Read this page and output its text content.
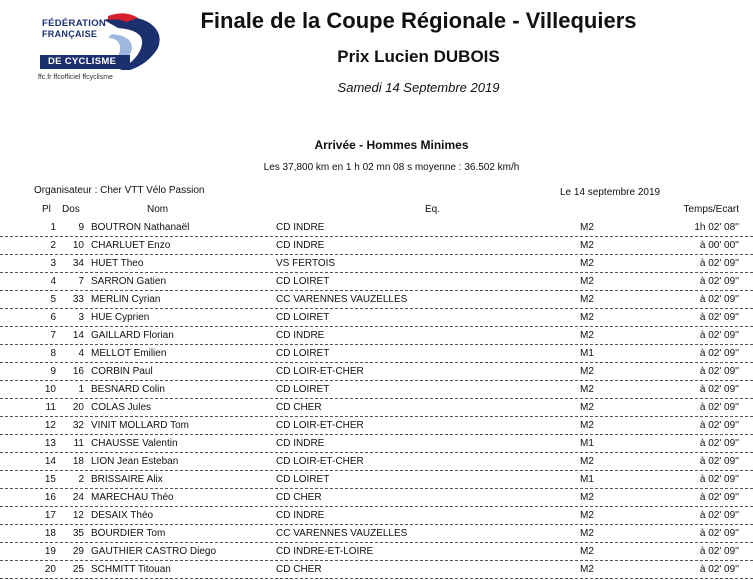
FÉDÉRATION
FRANÇAISE
DE CYCLISME
ffc.fr ffcofficiel ffcyclisme
Finale de la Coupe Régionale - Villequiers
Prix Lucien DUBOIS
Samedi 14 Septembre 2019
Arrivée - Hommes Minimes
Les 37,800 km en 1 h 02 mn 08 s moyenne : 36.502 km/h
Organisateur : Cher VTT Vélo Passion	Le 14 septembre 2019
Pl Dos	Nom	Eq.	Temps/Ecart
1	9 BOUTRON Nathanaël	CD INDRE	M2	1h 02' 08''
2	10 CHARLUET Enzo	CD INDRE	M2	à 00' 00''
3	34 HUET Theo	VS FERTOIS	M2	à 02' 09''
4	7 SARRON Gatien	CD LOIRET	M2	à 02' 09''
5	33 MERLIN Cyrian	CC VARENNES VAUZELLES	M2	à 02' 09''
6	3 HUE Cyprien	CD LOIRET	M2	à 02' 09''
7	14 GAILLARD Florian	CD INDRE	M2	à 02' 09''
8	4 MELLOT Emilien	CD LOIRET	M1	à 02' 09''
9	16 CORBIN Paul	CD LOIR-ET-CHER	M2	à 02' 09''
10	1 BESNARD Colin	CD LOIRET	M2	à 02' 09''
11	20 COLAS Jules	CD CHER	M2	à 02' 09''
12	32 VINIT MOLLARD Tom	CD LOIR-ET-CHER	M2	à 02' 09''
13	11 CHAUSSE Valentin	CD INDRE	M1	à 02' 09''
14	18 LION Jean Esteban	CD LOIR-ET-CHER	M2	à 02' 09''
15	2 BRISSAIRE Alix	CD LOIRET	M1	à 02' 09''
16	24 MARECHAU Théo	CD CHER	M2	à 02' 09''
17	12 DESAIX Théo	CD INDRE	M2	à 02' 09''
18	35 BOURDIER Tom	CC VARENNES VAUZELLES	M2	à 02' 09''
19	29 GAUTHIER CASTRO Diego	CD INDRE-ET-LOIRE	M2	à 02' 09''
20	25 SCHMITT Titouan	CD CHER	M2	à 02' 09''
